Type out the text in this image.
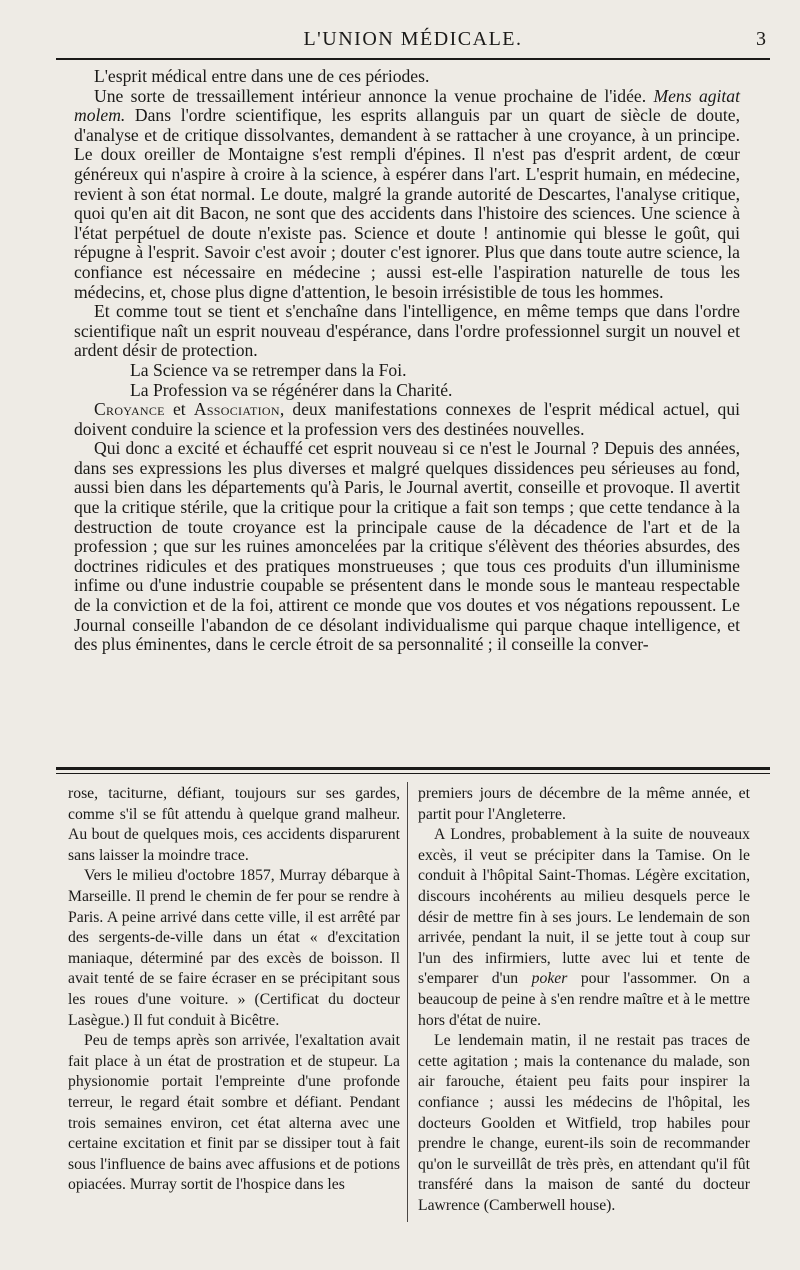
L'UNION MÉDICALE.	3

L'esprit médical entre dans une de ces périodes.

Une sorte de tressaillement intérieur annonce la venue prochaine de l'idée. Mens agitat molem. Dans l'ordre scientifique, les esprits allanguis par un quart de siècle de doute, d'analyse et de critique dissolvantes, demandent à se rattacher à une croyance, à un principe. Le doux oreiller de Montaigne s'est rempli d'épines. Il n'est pas d'esprit ardent, de cœur généreux qui n'aspire à croire à la science, à espérer dans l'art. L'esprit humain, en médecine, revient à son état normal. Le doute, malgré la grande autorité de Descartes, l'analyse critique, quoi qu'en ait dit Bacon, ne sont que des accidents dans l'histoire des sciences. Une science à l'état perpétuel de doute n'existe pas. Science et doute ! antinomie qui blesse le goût, qui répugne à l'esprit. Savoir c'est avoir ; douter c'est ignorer. Plus que dans toute autre science, la confiance est nécessaire en médecine ; aussi est-elle l'aspiration naturelle de tous les médecins, et, chose plus digne d'attention, le besoin irrésistible de tous les hommes.

Et comme tout se tient et s'enchaîne dans l'intelligence, en même temps que dans l'ordre scientifique naît un esprit nouveau d'espérance, dans l'ordre professionnel surgit un nouvel et ardent désir de protection.

La Science va se retremper dans la Foi.

La Profession va se régénérer dans la Charité.

Croyance et Association, deux manifestations connexes de l'esprit médical actuel, qui doivent conduire la science et la profession vers des destinées nouvelles.

Qui donc a excité et échauffé cet esprit nouveau si ce n'est le Journal ? Depuis des années, dans ses expressions les plus diverses et malgré quelques dissidences peu sérieuses au fond, aussi bien dans les départements qu'à Paris, le Journal avertit, conseille et provoque. Il avertit que la critique stérile, que la critique pour la critique a fait son temps ; que cette tendance à la destruction de toute croyance est la principale cause de la décadence de l'art et de la profession ; que sur les ruines amoncelées par la critique s'élèvent des théories absurdes, des doctrines ridicules et des pratiques monstrueuses ; que tous ces produits d'un illuminisme infime ou d'une industrie coupable se présentent dans le monde sous le manteau respectable de la conviction et de la foi, attirent ce monde que vos doutes et vos négations repoussent. Le Journal conseille l'abandon de ce désolant individualisme qui parque chaque intelligence, et des plus éminentes, dans le cercle étroit de sa personnalité ; il conseille la conver-

rose, taciturne, défiant, toujours sur ses gardes, comme s'il se fût attendu à quelque grand malheur. Au bout de quelques mois, ces accidents disparurent sans laisser la moindre trace.

Vers le milieu d'octobre 1857, Murray débarque à Marseille. Il prend le chemin de fer pour se rendre à Paris. A peine arrivé dans cette ville, il est arrêté par des sergents-de-ville dans un état « d'excitation maniaque, déterminé par des excès de boisson. Il avait tenté de se faire écraser en se précipitant sous les roues d'une voiture. » (Certificat du docteur Lasègue.) Il fut conduit à Bicêtre.

Peu de temps après son arrivée, l'exaltation avait fait place à un état de prostration et de stupeur. La physionomie portait l'empreinte d'une profonde terreur, le regard était sombre et défiant. Pendant trois semaines environ, cet état alterna avec une certaine excitation et finit par se dissiper tout à fait sous l'influence de bains avec affusions et de potions opiacées. Murray sortit de l'hospice dans les

premiers jours de décembre de la même année, et partit pour l'Angleterre.

A Londres, probablement à la suite de nouveaux excès, il veut se précipiter dans la Tamise. On le conduit à l'hôpital Saint-Thomas. Légère excitation, discours incohérents au milieu desquels perce le désir de mettre fin à ses jours. Le lendemain de son arrivée, pendant la nuit, il se jette tout à coup sur l'un des infirmiers, lutte avec lui et tente de s'emparer d'un poker pour l'assommer. On a beaucoup de peine à s'en rendre maître et à le mettre hors d'état de nuire.

Le lendemain matin, il ne restait pas traces de cette agitation ; mais la contenance du malade, son air farouche, étaient peu faits pour inspirer la confiance ; aussi les médecins de l'hôpital, les docteurs Goolden et Witfield, trop habiles pour prendre le change, eurent-ils soin de recommander qu'on le surveillât de très près, en attendant qu'il fût transféré dans la maison de santé du docteur Lawrence (Camberwell house).
